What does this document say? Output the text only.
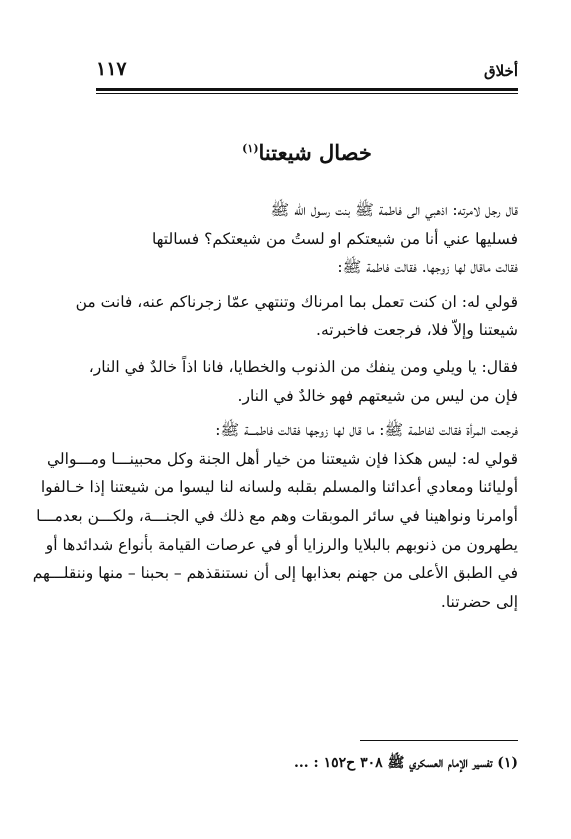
١١٧	أخلاق
خصال شيعتنا$^{(١)}$

قال رجل لامرته: اذهبي الى فاطمة ﷺ بنت رسول الله ﷺ
فسليها عني أنا من شيعتكم او لستُ من شيعتكم؟ فسالتها
فقالت ماقال لها زوجها. فقالت فاطمة ﷺ:

قولي له: ان كنت تعمل بما امرناك وتنتهي عمّا زجرناكم عنه، فانت من
شيعتنا وإلاّ فلا، فرجعت فاخبرته.

فقال: يا ويلي ومن ينفك من الذنوب والخطايا، فانا اذاً خالدٌ في النار،
فإن من ليس من شيعتهم فهو خالدٌ في النار.

فرجعت المرأة فقالت لفاطمة ﷺ: ما قال لها زوجها فقالت فاطمـــة ﷺ:
قولي له: ليس هكذا فإن شيعتنا من خيار أهل الجنة وكل محبينـــا ومـــوالي
أوليائنا ومعادي أعدائنا والمسلم بقلبه ولسانه لنا ليسوا من شيعتنا إذا خـالفوا
أوامرنا ونواهينا في سائر الموبقات وهم مع ذلك في الجنـــة، ولكـــن بعدمـــا
يطهرون من ذنوبهم بالبلايا والرزايا أو في عرصات القيامة بأنواع شدائدها أو
في الطبق الأعلى من جهنم بعذابها إلى أن نستنقذهم – بحبنا – منها وننقلـــهم
إلى حضرتنا.

(١) تفسير الإمام العسكري ﷺ ٣٠٨ ح١٥٢ : ...
